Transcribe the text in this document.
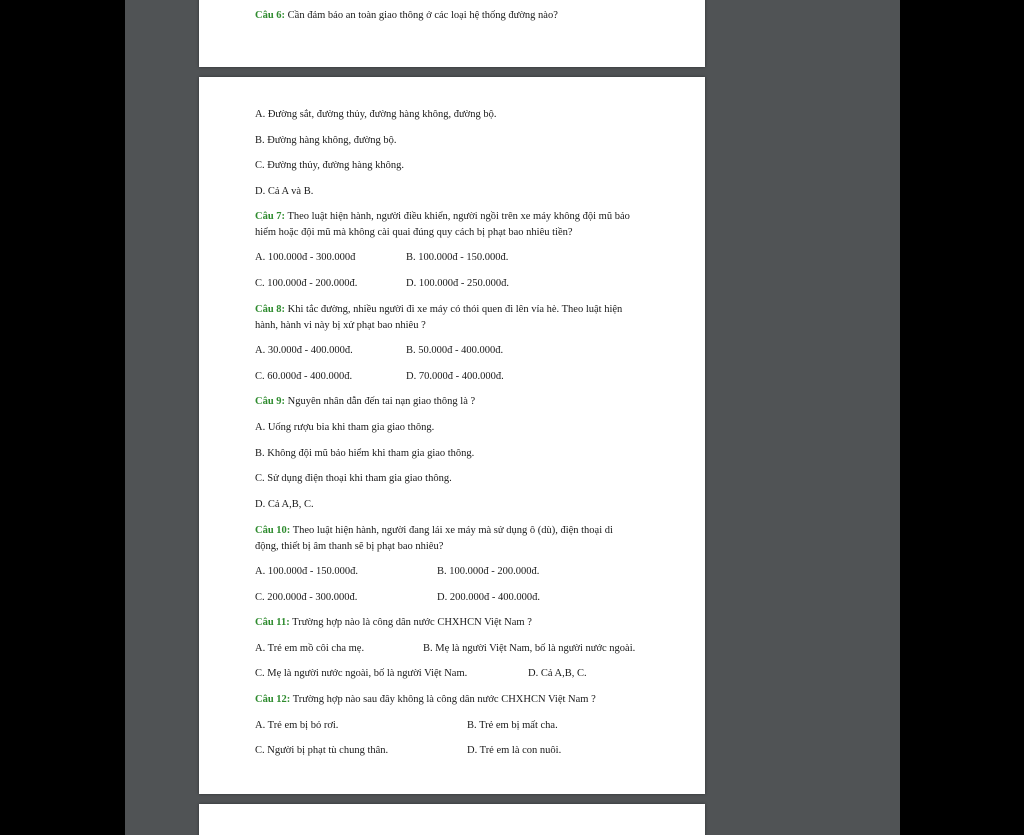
Câu 6: Cần đảm bảo an toàn giao thông ở các loại hệ thống đường nào?
A. Đường sắt, đường thủy, đường hàng không, đường bộ.
B. Đường hàng không, đường bộ.
C. Đường thủy, đường hàng không.
D. Cả A và B.
Câu 7: Theo luật hiện hành, người điều khiển, người ngồi trên xe máy không đội mũ bảo
hiểm hoặc đội mũ mà không cài quai đúng quy cách bị phạt bao nhiêu tiền?
A. 100.000đ - 300.000đ	B. 100.000đ - 150.000đ.
C. 100.000đ - 200.000đ.	D. 100.000đ - 250.000đ.
Câu 8: Khi tắc đường, nhiều người đi xe máy có thói quen đi lên vỉa hè. Theo luật hiện
hành, hành vi này bị xử phạt bao nhiêu ?
A. 30.000đ - 400.000đ.	B. 50.000đ - 400.000đ.
C. 60.000đ - 400.000đ.	D. 70.000đ - 400.000đ.
Câu 9: Nguyên nhân dẫn đến tai nạn giao thông là ?
A. Uống rượu bia khi tham gia giao thông.
B. Không đội mũ bảo hiểm khi tham gia giao thông.
C. Sử dụng điện thoại khi tham gia giao thông.
D. Cả A,B, C.
Câu 10: Theo luật hiện hành, người đang lái xe máy mà sử dụng ô (dù), điện thoại di
động, thiết bị âm thanh sẽ bị phạt bao nhiêu?
A. 100.000đ - 150.000đ.	B. 100.000đ - 200.000đ.
C. 200.000đ - 300.000đ.	D. 200.000đ - 400.000đ.
Câu 11: Trường hợp nào là công dân nước CHXHCN Việt Nam ?
A. Trẻ em mồ côi cha mẹ.	B. Mẹ là người Việt Nam, bố là người nước ngoài.
C. Mẹ là người nước ngoài, bố là người Việt Nam.	D. Cả A,B, C.
Câu 12: Trường hợp nào sau đây không là công dân nước CHXHCN Việt Nam ?
A. Trẻ em bị bỏ rơi.	B. Trẻ em bị mất cha.
C. Người bị phạt tù chung thân.	D. Trẻ em là con nuôi.
